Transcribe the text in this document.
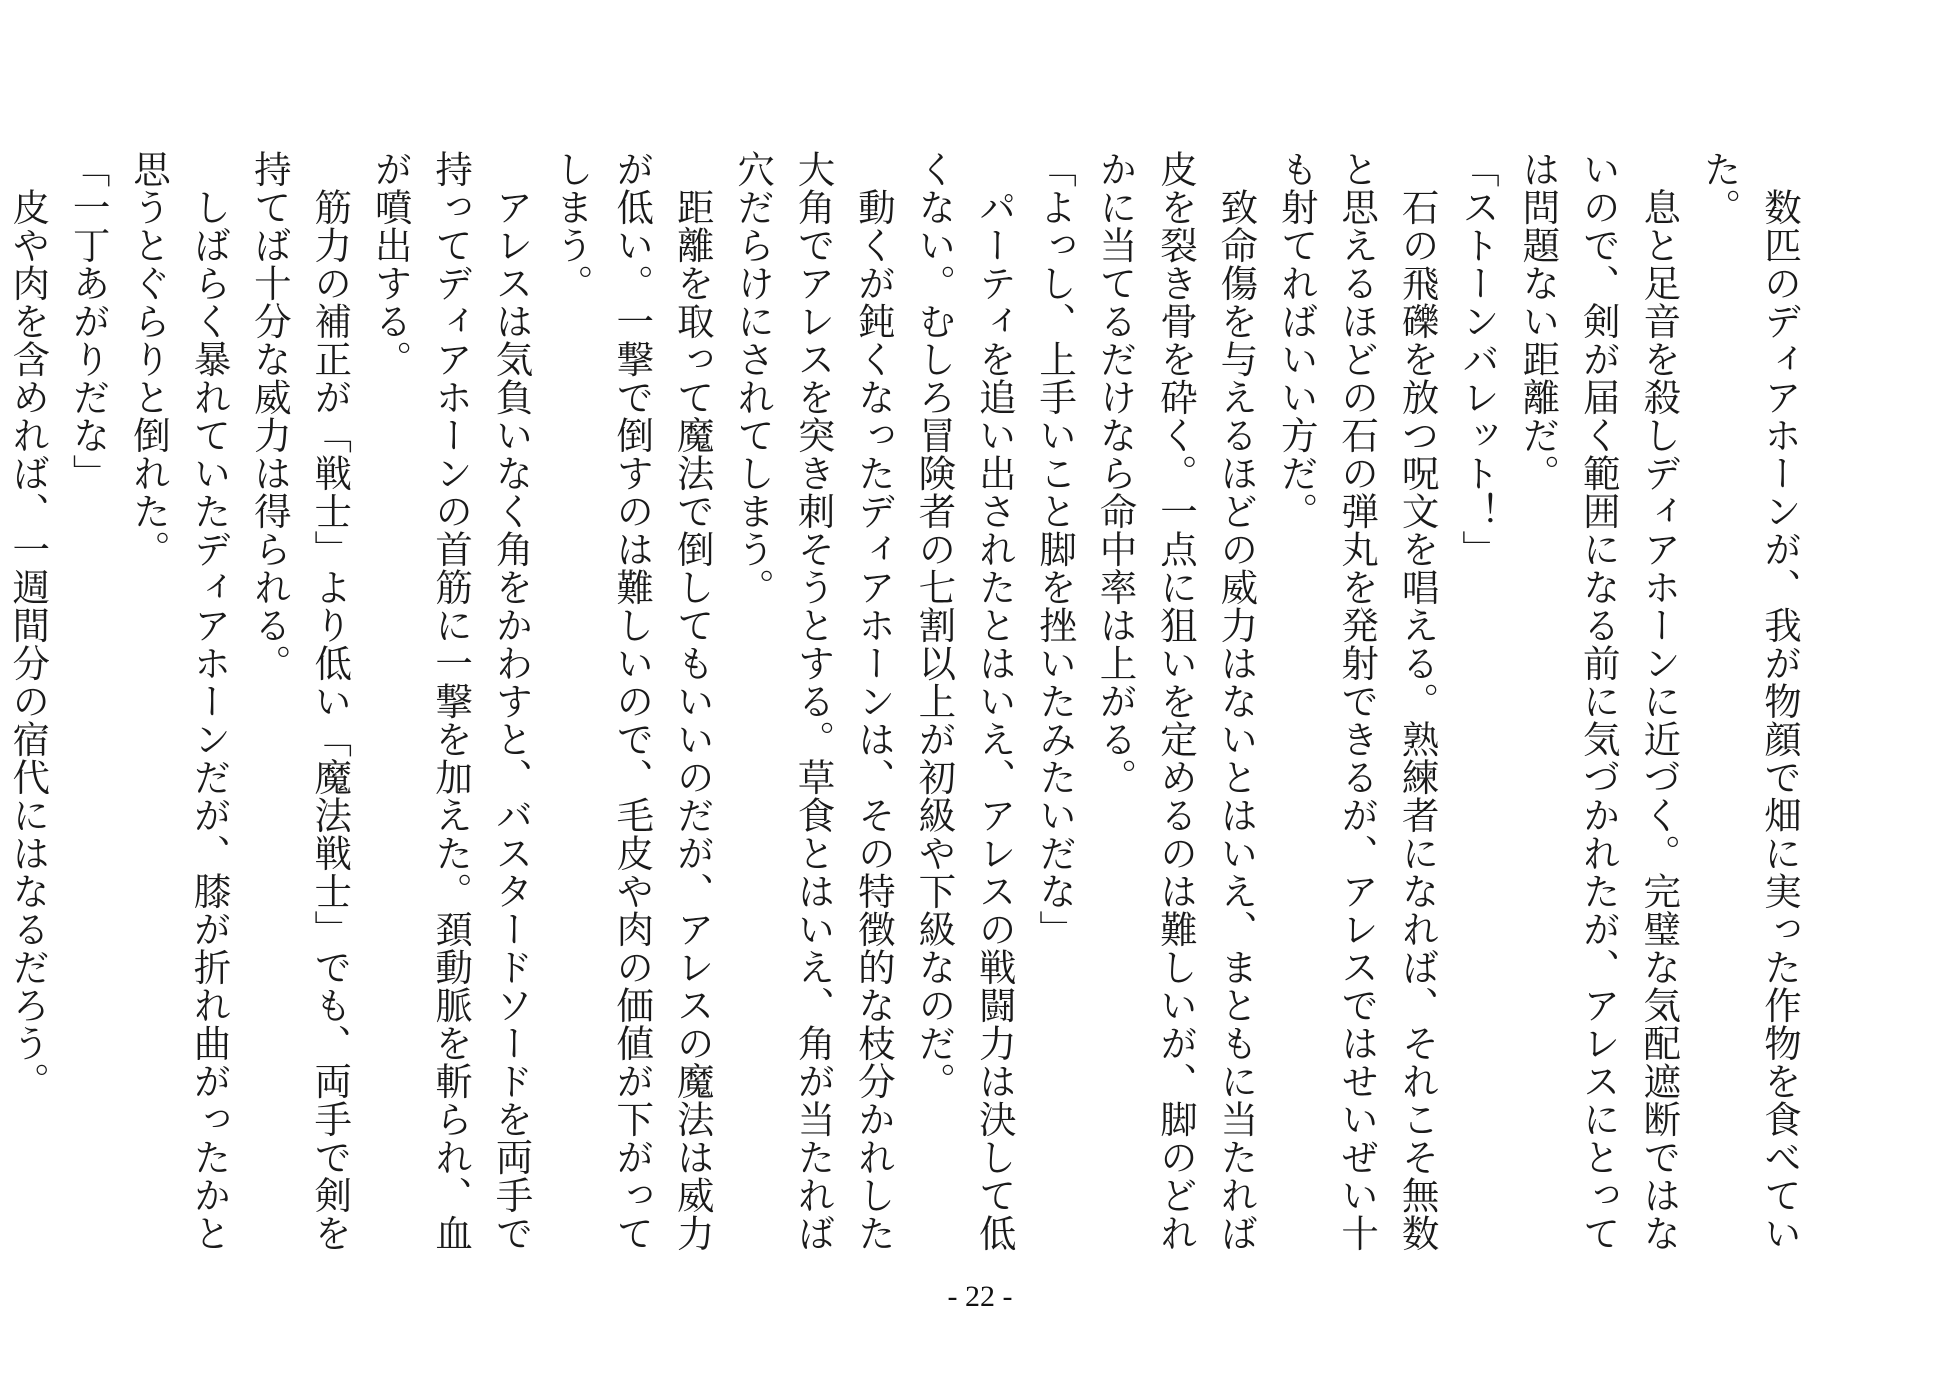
　数匹のディアホーンが、我が物顔で畑に実った作物を食べていた。

　息と足音を殺しディアホーンに近づく。完璧な気配遮断ではないので、剣が届く範囲になる前に気づかれたが、アレスにとっては問題ない距離だ。

「ストーンバレット！」

　石の飛礫を放つ呪文を唱える。熟練者になれば、それこそ無数と思えるほどの石の弾丸を発射できるが、アレスではせいぜい十も射てればいい方だ。

　致命傷を与えるほどの威力はないとはいえ、まともに当たれば皮を裂き骨を砕く。一点に狙いを定めるのは難しいが、脚のどれかに当てるだけなら命中率は上がる。

「よっし、上手いこと脚を挫いたみたいだな」

　パーティを追い出されたとはいえ、アレスの戦闘力は決して低くない。むしろ冒険者の七割以上が初級や下級なのだ。

　動くが鈍くなったディアホーンは、その特徴的な枝分かれした大角でアレスを突き刺そうとする。草食とはいえ、角が当たれば穴だらけにされてしまう。

　距離を取って魔法で倒してもいいのだが、アレスの魔法は威力が低い。一撃で倒すのは難しいので、毛皮や肉の価値が下がってしまう。

　アレスは気負いなく角をかわすと、バスタードソードを両手で持ってディアホーンの首筋に一撃を加えた。頚動脈を斬られ、血が噴出する。

　筋力の補正が「戦士」より低い「魔法戦士」でも、両手で剣を持てば十分な威力は得られる。

　しばらく暴れていたディアホーンだが、膝が折れ曲がったかと思うとぐらりと倒れた。

「一丁あがりだな」

　皮や肉を含めれば、一週間分の宿代にはなるだろう。

- 22 -
